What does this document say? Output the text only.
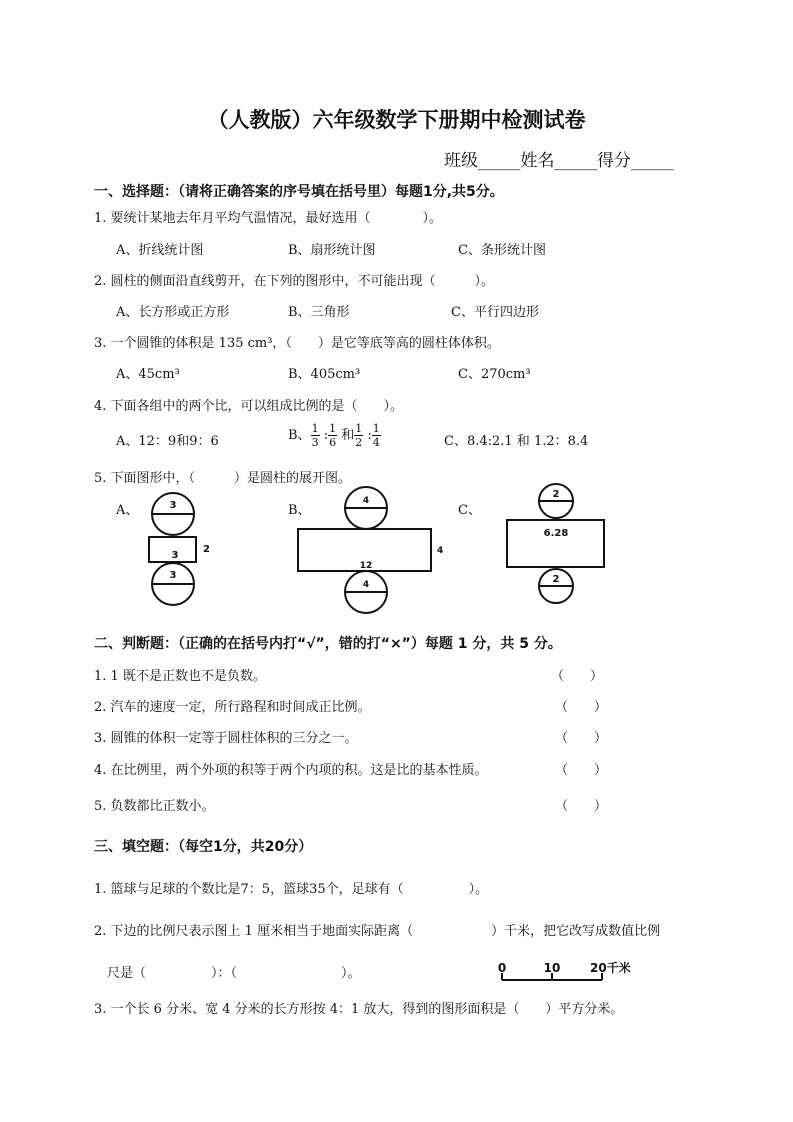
（人教版）六年级数学下册期中检测试卷
班级_____姓名_____得分_____
一、选择题：（请将正确答案的序号填在括号里）每题1分,共5分。
1. 要统计某地去年月平均气温情况，最好选用（　　　　）。
A、折线统计图	B、扇形统计图	C、条形统计图
2. 圆柱的侧面沿直线剪开，在下列的图形中，不可能出现（　　　）。
A、长方形或正方形	B、三角形	C、平行四边形
3. 一个圆锥的体积是 135 cm³，（　　）是它等底等高的圆柱体体积。
A、45cm³	B、405cm³	C、270cm³
4. 下面各组中的两个比，可以组成比例的是（　　）。
A、12：9和9：6	B、 $\frac{1}{3}$ : $\frac{1}{6}$ 和 $\frac{1}{2}$ : $\frac{1}{4}$	C、8.4:2.1 和 1.2：8.4
5. 下面图形中，（　　　）是圆柱的展开图。
A、	B、	C、
3
3
2
3
4
12
4
4
2
6.28
2
二、判断题：（正确的在括号内打“√”，错的打“×”）每题 1 分，共 5 分。
1. 1 既不是正数也不是负数。	（　　）
2. 汽车的速度一定，所行路程和时间成正比例。	（　　）
3. 圆锥的体积一定等于圆柱体积的三分之一。	（　　）
4. 在比例里，两个外项的积等于两个内项的积。这是比的基本性质。	（　　）
5. 负数都比正数小。	（　　）
三、填空题：（每空1分，共20分）
1. 篮球与足球的个数比是7：5，篮球35个，足球有（　　　　　）。
2. 下边的比例尺表示图上 1 厘米相当于地面实际距离（　　　　　　）千米，把它改写成数值比例
尺是（　　　　　）：（　　　　　　　　）。	0	10 20千米
3. 一个长 6 分米、宽 4 分米的长方形按 4：1 放大，得到的图形面积是（　　）平方分米。
